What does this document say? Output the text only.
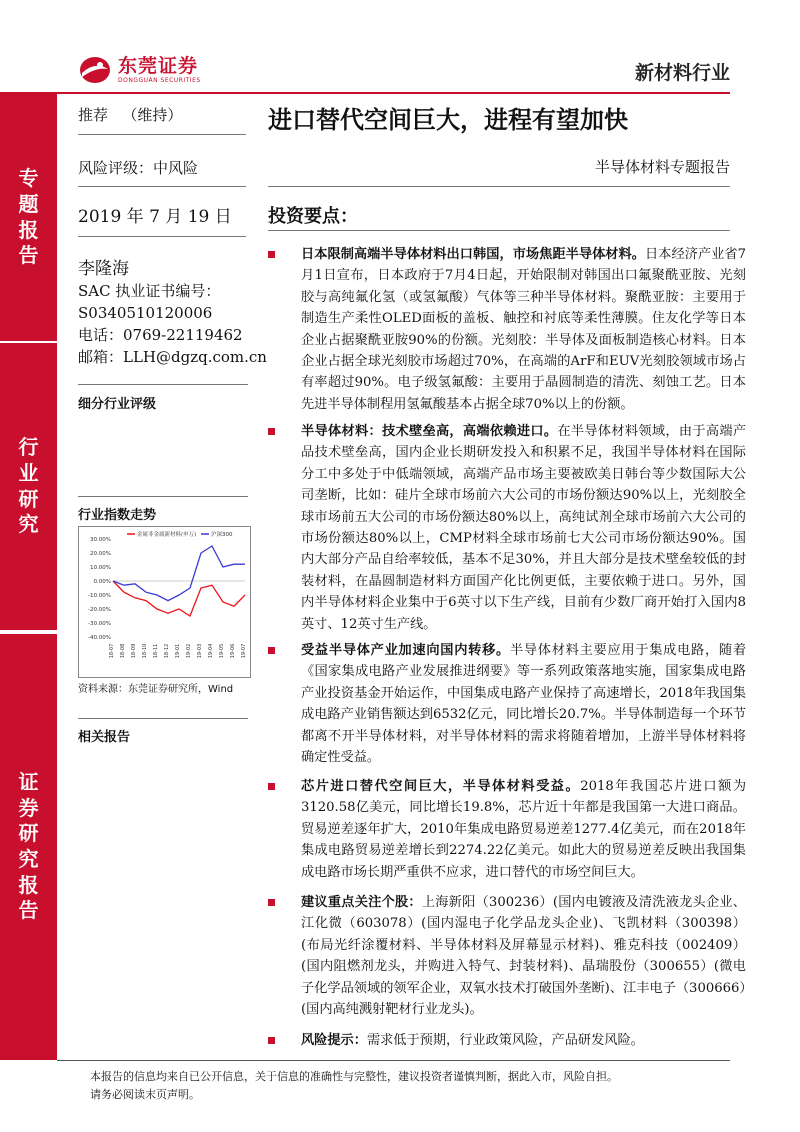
东莞证券
DONGGUAN SECURITIES	新材料行业
专
题
报
告
行
业
研
究
证
券
研
究
报
告
推荐 （维持）
风险评级：中风险
2019 年 7 月 19 日
李隆海
SAC 执业证书编号：
S0340510120006
电话：0769-22119462
邮箱：LLH@dgzq.com.cn
细分行业评级
行业指数走势
30.00%
20.00%
10.00%
0.00%
-10.00%
-20.00%
-30.00%
-40.00%
18-07 18-08 18-09 18-10 18-11 18-12 19-01 19-02 19-03 19-04 19-05 19-06 19-07
金属非金属新材料(申万)	沪深300
资料来源：东莞证券研究所，Wind
相关报告
进口替代空间巨大，进程有望加快
半导体材料专题报告
投资要点：
日本限制高端半导体材料出口韩国，市场焦距半导体材料。日本经济产业省7月1日宣布，日本政府于7月4日起，开始限制对韩国出口氟聚酰亚胺、光刻胶与高纯氟化氢（或氢氟酸）气体等三种半导体材料。聚酰亚胺：主要用于制造生产柔性OLED面板的盖板、触控和衬底等柔性薄膜。住友化学等日本企业占据聚酰亚胺90%的份额。光刻胶：半导体及面板制造核心材料。日本企业占据全球光刻胶市场超过70%，在高端的ArF和EUV光刻胶领域市场占有率超过90%。电子级氢氟酸：主要用于晶圆制造的清洗、刻蚀工艺。日本先进半导体制程用氢氟酸基本占据全球70%以上的份额。
半导体材料：技术壁垒高，高端依赖进口。在半导体材料领域，由于高端产品技术壁垒高，国内企业长期研发投入和积累不足，我国半导体材料在国际分工中多处于中低端领域，高端产品市场主要被欧美日韩台等少数国际大公司垄断，比如：硅片全球市场前六大公司的市场份额达90%以上，光刻胶全球市场前五大公司的市场份额达80%以上，高纯试剂全球市场前六大公司的市场份额达80%以上，CMP材料全球市场前七大公司市场份额达90%。国内大部分产品自给率较低，基本不足30%，并且大部分是技术壁垒较低的封装材料，在晶圆制造材料方面国产化比例更低，主要依赖于进口。另外，国内半导体材料企业集中于6英寸以下生产线，目前有少数厂商开始打入国内8英寸、12英寸生产线。
受益半导体产业加速向国内转移。半导体材料主要应用于集成电路，随着《国家集成电路产业发展推进纲要》等一系列政策落地实施，国家集成电路产业投资基金开始运作，中国集成电路产业保持了高速增长，2018年我国集成电路产业销售额达到6532亿元，同比增长20.7%。半导体制造每一个环节都离不开半导体材料，对半导体材料的需求将随着增加，上游半导体材料将确定性受益。
芯片进口替代空间巨大，半导体材料受益。2018年我国芯片进口额为3120.58亿美元，同比增长19.8%，芯片近十年都是我国第一大进口商品。贸易逆差逐年扩大，2010年集成电路贸易逆差1277.4亿美元，而在2018年集成电路贸易逆差增长到2274.22亿美元。如此大的贸易逆差反映出我国集成电路市场长期严重供不应求，进口替代的市场空间巨大。
建议重点关注个股：上海新阳（300236）(国内电镀液及清洗液龙头企业、江化微（603078）(国内湿电子化学品龙头企业)、飞凯材料（300398）(布局光纤涂覆材料、半导体材料及屏幕显示材料)、雅克科技（002409）(国内阻燃剂龙头，并购进入特气、封装材料)、晶瑞股份（300655）(微电子化学品领域的领军企业，双氧水技术打破国外垄断)、江丰电子（300666）(国内高纯溅射靶材行业龙头)。
风险提示：需求低于预期，行业政策风险，产品研发风险。
本报告的信息均来自已公开信息，关于信息的准确性与完整性，建议投资者谨慎判断，据此入市，风险自担。
请务必阅读末页声明。
